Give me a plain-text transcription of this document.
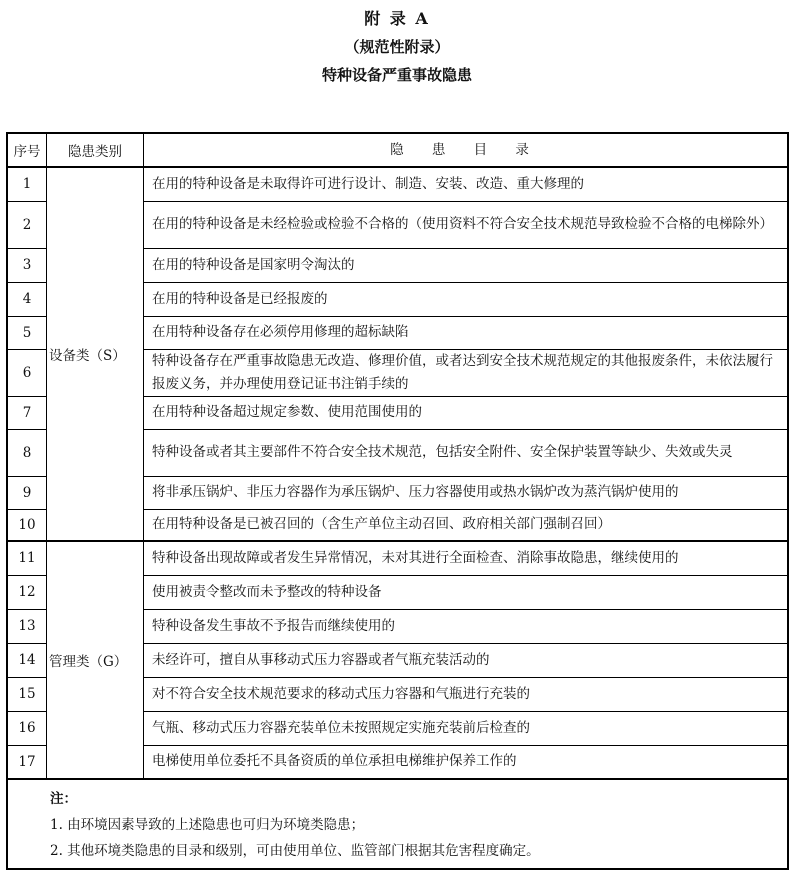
附 录 A
（规范性附录）
特种设备严重事故隐患
序号	隐患类别	隐 患 目 录
1	设备类（S）	在用的特种设备是未取得许可进行设计、制造、安装、改造、重大修理的
2		在用的特种设备是未经检验或检验不合格的（使用资料不符合安全技术规范导致检验不合格的电梯除外）
3		在用的特种设备是国家明令淘汰的
4		在用的特种设备是已经报废的
5		在用特种设备存在必须停用修理的超标缺陷
6		特种设备存在严重事故隐患无改造、修理价值，或者达到安全技术规范规定的其他报废条件，未依法履行报废义务，并办理使用登记证书注销手续的
7		在用特种设备超过规定参数、使用范围使用的
8		特种设备或者其主要部件不符合安全技术规范，包括安全附件、安全保护装置等缺少、失效或失灵
9		将非承压锅炉、非压力容器作为承压锅炉、压力容器使用或热水锅炉改为蒸汽锅炉使用的
10		在用特种设备是已被召回的（含生产单位主动召回、政府相关部门强制召回）
11	管理类（G）	特种设备出现故障或者发生异常情况，未对其进行全面检查、消除事故隐患，继续使用的
12		使用被责令整改而未予整改的特种设备
13		特种设备发生事故不予报告而继续使用的
14		未经许可，擅自从事移动式压力容器或者气瓶充装活动的
15		对不符合安全技术规范要求的移动式压力容器和气瓶进行充装的
16		气瓶、移动式压力容器充装单位未按照规定实施充装前后检查的
17		电梯使用单位委托不具备资质的单位承担电梯维护保养工作的

注：
1. 由环境因素导致的上述隐患也可归为环境类隐患；
2. 其他环境类隐患的目录和级别，可由使用单位、监管部门根据其危害程度确定。		
